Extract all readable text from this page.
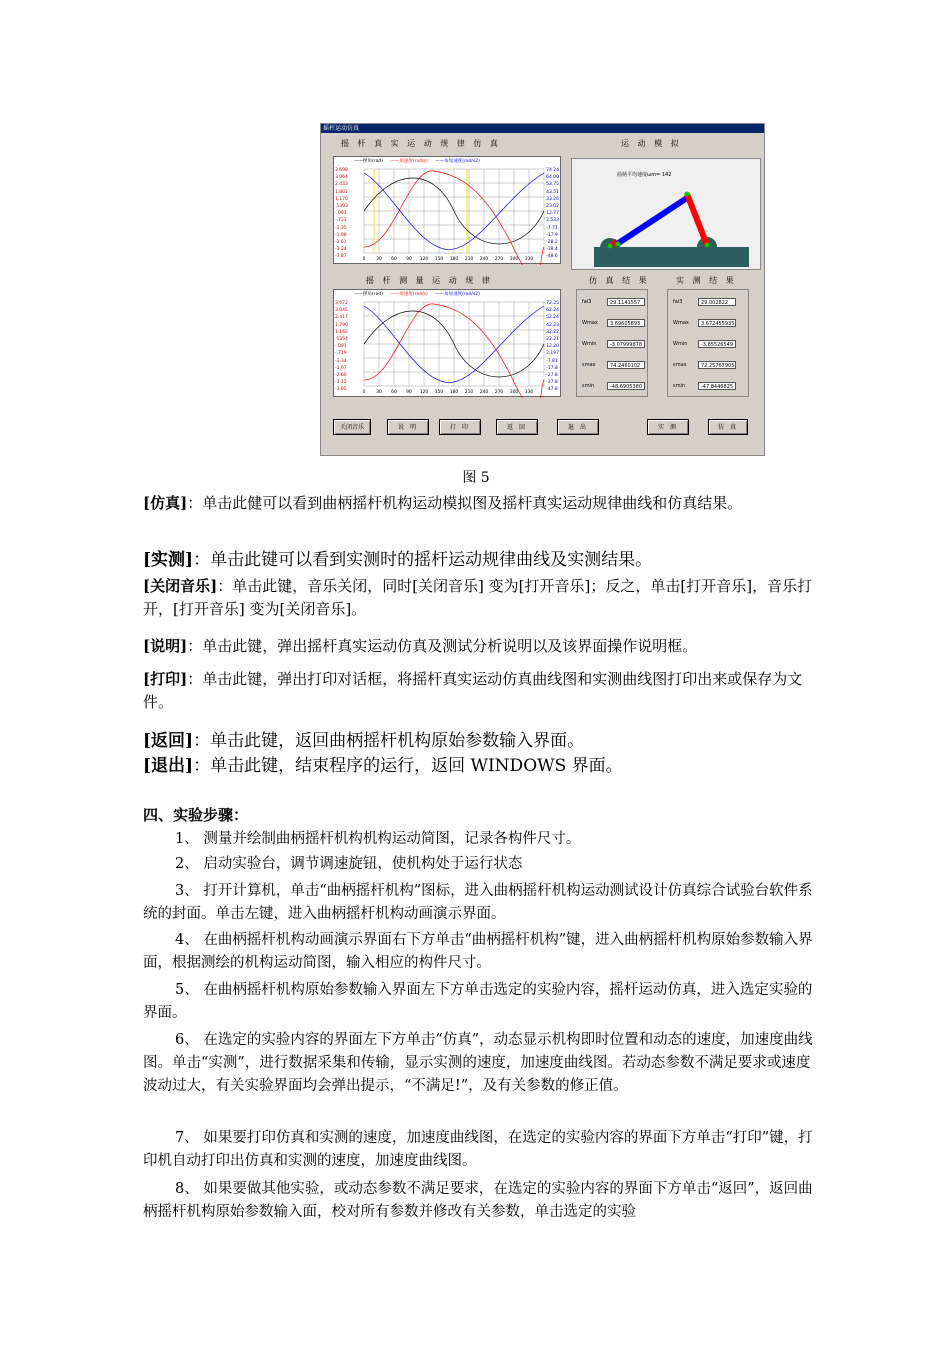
摇杆运动仿真
摇 杆 真 实 运 动 规 律 仿 真	运 动 模 拟
——摆角(rad) ——角速度(rad/s) ——角加速度(rad/s2)
3.698
3.064
2.433
1.802
1.170
.5393
-.091
-.723
-1.35
-1.98
-2.61
-3.24
-3.87
74.24
64.00
53.75
43.51
33.26
23.02
12.77
2.533
-7.71
-17.9
-28.2
-38.4
-48.6
0 30 60 90 120 150 180 210 240 270 300 330
曲柄平均速度ωm= 142
摇 杆 测 量 运 动 规 律	仿 真 结 果	实 测 结 果
——摆角(rad) ——角速度(rad/s) ——角加速度(rad/s2)
3.672
3.045
2.417
1.790
1.162
.5354
-.091
-.719
-1.34
-1.97
-2.60
-3.22
-3.85
72.25
62.24
52.24
42.23
32.22
22.21
12.20
2.197
-7.81
-17.8
-27.8
-37.8
-47.8
0 30 60 90 120 150 180 210 240 270 300 330
fai3	29.1141557
Wmax	3.69605893
Wmin	-3.07999878
εmax	74.2460102
εmin	-48.6905380
fai3	29.002822
Wmax	3.672455935
Wmin	-3.85526549
εmax	72.25767905
εmin	-47.8446825
关闭音乐	说 明	打 印	返 回	退 出	实 测	仿 真
图 5
[仿真]：单击此健可以看到曲柄摇杆机构运动模拟图及摇杆真实运动规律曲线和仿真结果。
[实测]：单击此键可以看到实测时的摇杆运动规律曲线及实测结果。
[关闭音乐]：单击此键，音乐关闭，同时[关闭音乐] 变为[打开音乐]；反之，单击[打开音乐]，音乐打开，[打开音乐] 变为[关闭音乐]。
[说明]：单击此键，弹出摇杆真实运动仿真及测试分析说明以及该界面操作说明框。
[打印]：单击此键，弹出打印对话框，将摇杆真实运动仿真曲线图和实测曲线图打印出来或保存为文件。
[返回]：单击此键，返回曲柄摇杆机构原始参数输入界面。
[退出]：单击此键，结束程序的运行，返回 WINDOWS 界面。
四、实验步骤：
1、 测量并绘制曲柄摇杆机构机构运动简图，记录各构件尺寸。
2、 启动实验台，调节调速旋钮，使机构处于运行状态
3、 打开计算机，单击“曲柄摇杆机构”图标，进入曲柄摇杆机构运动测试设计仿真综合试验台软件系统的封面。单击左键，进入曲柄摇杆机构动画演示界面。
4、 在曲柄摇杆机构动画演示界面右下方单击“曲柄摇杆机构”键，进入曲柄摇杆机构原始参数输入界面，根据测绘的机构运动简图，输入相应的构件尺寸。
5、 在曲柄摇杆机构原始参数输入界面左下方单击选定的实验内容，摇杆运动仿真，进入选定实验的界面。
6、 在选定的实验内容的界面左下方单击“仿真”，动态显示机构即时位置和动态的速度，加速度曲线图。单击“实测”，进行数据采集和传输，显示实测的速度，加速度曲线图。若动态参数不满足要求或速度波动过大，有关实验界面均会弹出提示，“不满足!”，及有关参数的修正值。
7、 如果要打印仿真和实测的速度，加速度曲线图，在选定的实验内容的界面下方单击“打印”键，打印机自动打印出仿真和实测的速度，加速度曲线图。
8、 如果要做其他实验，或动态参数不满足要求，在选定的实验内容的界面下方单击“返回”，返回曲柄摇杆机构原始参数输入面，校对所有参数并修改有关参数，单击选定的实验
